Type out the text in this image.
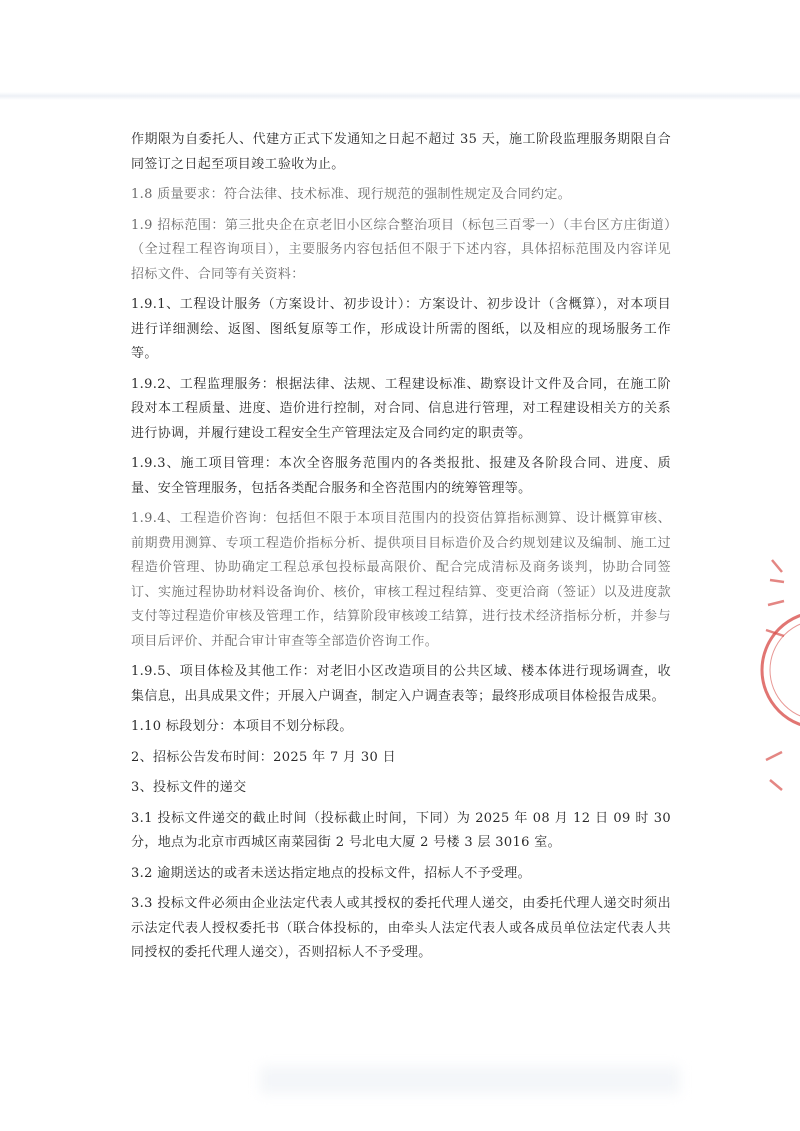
作期限为自委托人、代建方正式下发通知之日起不超过 35 天，施工阶段监理服务期限自合同签订之日起至项目竣工验收为止。

1.8 质量要求：符合法律、技术标准、现行规范的强制性规定及合同约定。

1.9 招标范围：第三批央企在京老旧小区综合整治项目（标包三百零一）（丰台区方庄街道）（全过程工程咨询项目），主要服务内容包括但不限于下述内容，具体招标范围及内容详见招标文件、合同等有关资料：

1.9.1、工程设计服务（方案设计、初步设计）：方案设计、初步设计（含概算），对本项目进行详细测绘、返图、图纸复原等工作，形成设计所需的图纸，以及相应的现场服务工作等。

1.9.2、工程监理服务：根据法律、法规、工程建设标准、勘察设计文件及合同，在施工阶段对本工程质量、进度、造价进行控制，对合同、信息进行管理，对工程建设相关方的关系进行协调，并履行建设工程安全生产管理法定及合同约定的职责等。

1.9.3、施工项目管理：本次全咨服务范围内的各类报批、报建及各阶段合同、进度、质量、安全管理服务，包括各类配合服务和全咨范围内的统筹管理等。

1.9.4、工程造价咨询：包括但不限于本项目范围内的投资估算指标测算、设计概算审核、前期费用测算、专项工程造价指标分析、提供项目目标造价及合约规划建议及编制、施工过程造价管理、协助确定工程总承包投标最高限价、配合完成清标及商务谈判，协助合同签订、实施过程协助材料设备询价、核价，审核工程过程结算、变更洽商（签证）以及进度款支付等过程造价审核及管理工作，结算阶段审核竣工结算，进行技术经济指标分析，并参与项目后评价、并配合审计审查等全部造价咨询工作。

1.9.5、项目体检及其他工作：对老旧小区改造项目的公共区域、楼本体进行现场调查，收集信息，出具成果文件；开展入户调查，制定入户调查表等；最终形成项目体检报告成果。

1.10 标段划分：本项目不划分标段。

2、招标公告发布时间：2025 年 7 月 30 日

3、投标文件的递交

3.1 投标文件递交的截止时间（投标截止时间，下同）为 2025 年 08 月 12 日 09 时 30 分，地点为北京市西城区南菜园街 2 号北电大厦 2 号楼 3 层 3016 室。

3.2 逾期送达的或者未送达指定地点的投标文件，招标人不予受理。

3.3 投标文件必须由企业法定代表人或其授权的委托代理人递交，由委托代理人递交时须出示法定代表人授权委托书（联合体投标的，由牵头人法定代表人或各成员单位法定代表人共同授权的委托代理人递交），否则招标人不予受理。
